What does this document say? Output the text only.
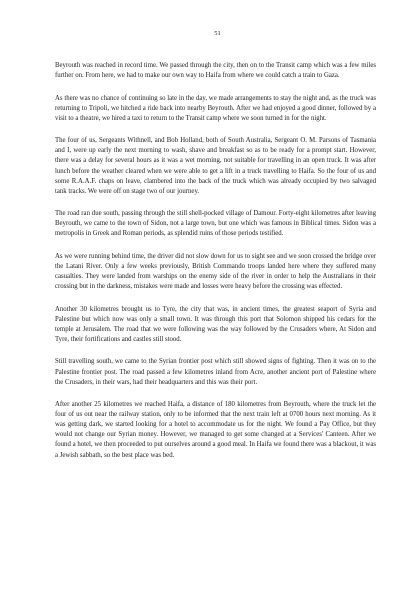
51

Beyrouth was reached in record time. We passed through the city, then on to the Transit camp which was a few miles further on. From here, we had to make our own way to Haifa from where we could catch a train to Gaza.

As there was no chance of continuing so late in the day, we made arrangements to stay the night and, as the truck was returning to Tripoli, we hitched a ride back into nearby Beyrouth. After we had enjoyed a good dinner, followed by a visit to a theatre, we hired a taxi to return to the Transit camp where we soon turned in for the night.

The four of us, Sergeants Withnell, and Bob Holland, both of South Australia, Sergeant O. M. Parsons of Tasmania and I, were up early the next morning to wash, shave and breakfast so as to be ready for a prompt start. However, there was a delay for several hours as it was a wet morning, not suitable for travelling in an open truck. It was after lunch before the weather cleared when we were able to get a lift in a truck travelling to Haifa. So the four of us and some R.A.A.F. chaps on leave, clambered into the back of the truck which was already occupied by two salvaged tank tracks. We were off on stage two of our journey.

The road ran due south, passing through the still shell-pocked village of Damour. Forty-eight kilometres after leaving Beyrouth, we came to the town of Sidon, not a large town, but one which was famous in Biblical times. Sidon was a metropolis in Greek and Roman periods, as splendid ruins of those periods testified.

As we were running behind time, the driver did not slow down for us to sight see and we soon crossed the bridge over the Latani River. Only a few weeks previously, British Commando troops landed here where they suffered many casualties. They were landed from warships on the enemy side of the river in order to help the Australians in their crossing but in the darkness, mistakes were made and losses were heavy before the crossing was effected.

Another 30 kilometres brought us to Tyre, the city that was, in ancient times, the greatest seaport of Syria and Palestine but which now was only a small town. It was through this port that Solomon shipped his cedars for the temple at Jerusalem. The road that we were following was the way followed by the Crusaders where, At Sidon and Tyre, their fortifications and castles still stood.

Still travelling south, we came to the Syrian frontier post which still showed signs of fighting. Then it was on to the Palestine frontier post. The road passed a few kilometres inland from Acre, another ancient port of Palestine where the Crusaders, in their wars, had their headquarters and this was their port.

After another 25 kilometres we reached Haifa, a distance of 180 kilometres from Beyrouth, where the truck let the four of us out near the railway station, only to be informed that the next train left at 0700 hours next morning. As it was getting dark, we started looking for a hotel to accommodate us for the night. We found a Pay Office, but they would not change our Syrian money. However, we managed to get some changed at a Services' Canteen. After we found a hotel, we then proceeded to put ourselves around a good meal. In Haifa we found there was a blackout, it was a Jewish sabbath, so the best place was bed.
